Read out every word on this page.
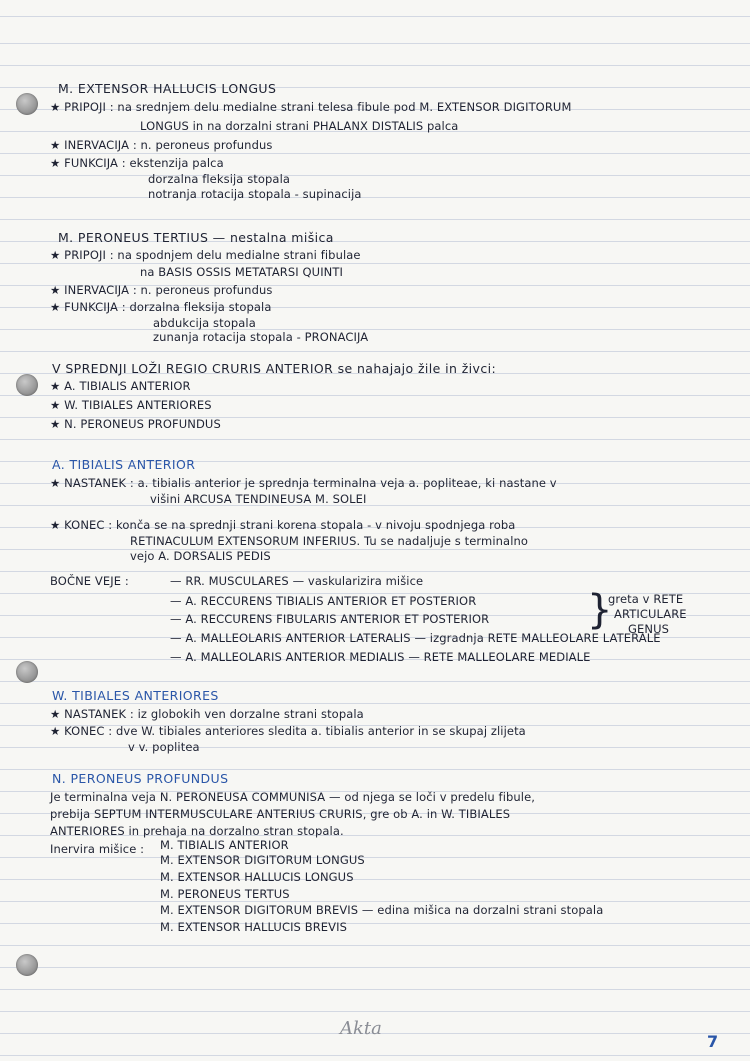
M. EXTENSOR HALLUCIS LONGUS
★ PRIPOJI : na srednjem delu medialne strani telesa fibule pod M. EXTENSOR DIGITORUM
LONGUS in na dorzalni strani PHALANX DISTALIS palca
★ INERVACIJA : n. peroneus profundus
★ FUNKCIJA : ekstenzija palca
dorzalna fleksija stopala
notranja rotacija stopala - supinacija
M. PERONEUS TERTIUS — nestalna mišica
★ PRIPOJI : na spodnjem delu medialne strani fibulae
na BASIS OSSIS METATARSI QUINTI
★ INERVACIJA : n. peroneus profundus
★ FUNKCIJA : dorzalna fleksija stopala
abdukcija stopala
zunanja rotacija stopala - PRONACIJA
V SPREDNJI LOŽI REGIO CRURIS ANTERIOR se nahajajo žile in živci:
★ A. TIBIALIS ANTERIOR
★ W. TIBIALES ANTERIORES
★ N. PERONEUS PROFUNDUS
A. TIBIALIS ANTERIOR
★ NASTANEK : a. tibialis anterior je sprednja terminalna veja a. popliteae, ki nastane v
višini ARCUSA TENDINEUSA M. SOLEI
★ KONEC : konča se na sprednji strani korena stopala - v nivoju spodnjega roba
RETINACULUM EXTENSORUM INFERIUS. Tu se nadaljuje s terminalno
vejo A. DORSALIS PEDIS
BOČNE VEJE :	— RR. MUSCULARES — vaskularizira mišice
— A. RECCURENS TIBIALIS ANTERIOR ET POSTERIOR
— A. RECCURENS FIBULARIS ANTERIOR ET POSTERIOR
— A. MALLEOLARIS ANTERIOR LATERALIS — izgradnja RETE MALLEOLARE LATERALE
— A. MALLEOLARIS ANTERIOR MEDIALIS — RETE MALLEOLARE MEDIALE
}
greta v RETE
ARTICULARE
GENUS
W. TIBIALES ANTERIORES
★ NASTANEK : iz globokih ven dorzalne strani stopala
★ KONEC : dve W. tibiales anteriores sledita a. tibialis anterior in se skupaj zlijeta
v v. poplitea
N. PERONEUS PROFUNDUS
Je terminalna veja N. PERONEUSA COMMUNISA — od njega se loči v predelu fibule,
prebija SEPTUM INTERMUSCULARE ANTERIUS CRURIS, gre ob A. in W. TIBIALES
ANTERIORES in prehaja na dorzalno stran stopala.
Inervira mišice : M. TIBIALIS ANTERIOR
M. EXTENSOR DIGITORUM LONGUS
M. EXTENSOR HALLUCIS LONGUS
M. PERONEUS TERTUS
M. EXTENSOR DIGITORUM BREVIS — edina mišica na dorzalni strani stopala
M. EXTENSOR HALLUCIS BREVIS
Akta
7
